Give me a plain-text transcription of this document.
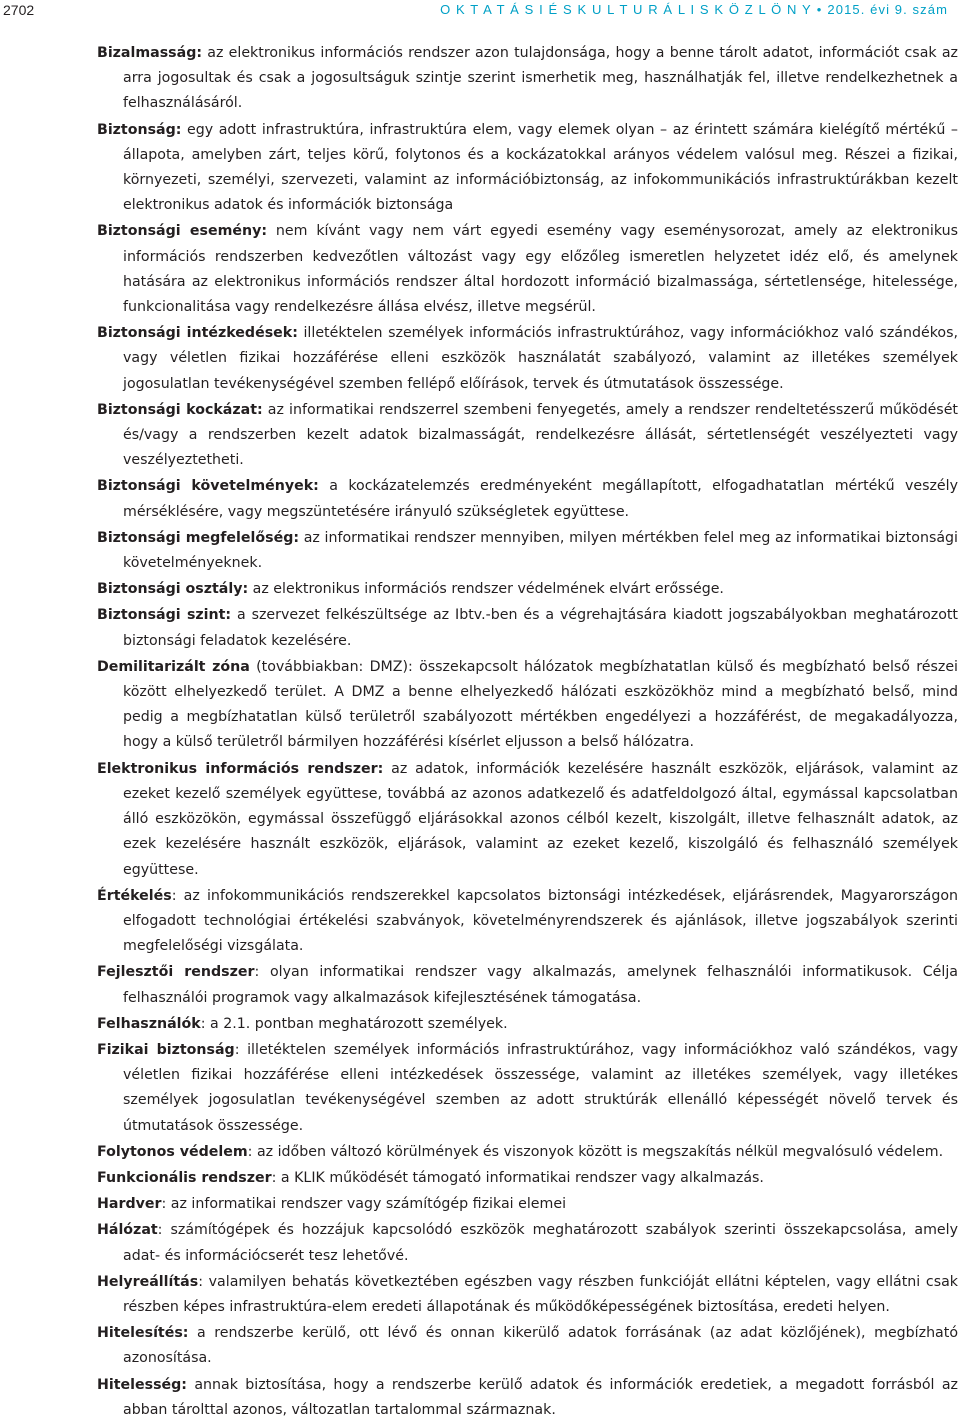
2702	O K T A T Á S I É S K U L T U R Á L I S K Ö Z L Ö N Y • 2015. évi 9. szám

Bizalmasság: az elektronikus információs rendszer azon tulajdonsága, hogy a benne tárolt adatot, információt csak az arra jogosultak és csak a jogosultságuk szintje szerint ismerhetik meg, használhatják fel, illetve rendelkezhetnek a felhasználásáról.

Biztonság: egy adott infrastruktúra, infrastruktúra elem, vagy elemek olyan – az érintett számára kielégítő mértékű – állapota, amelyben zárt, teljes körű, folytonos és a kockázatokkal arányos védelem valósul meg. Részei a fizikai, környezeti, személyi, szervezeti, valamint az információbiztonság, az infokommunikációs infrastruktúrákban kezelt elektronikus adatok és információk biztonsága

Biztonsági esemény: nem kívánt vagy nem várt egyedi esemény vagy eseménysorozat, amely az elektronikus információs rendszerben kedvezőtlen változást vagy egy előzőleg ismeretlen helyzetet idéz elő, és amelynek hatására az elektronikus információs rendszer által hordozott információ bizalmassága, sértetlensége, hitelessége, funkcionalitása vagy rendelkezésre állása elvész, illetve megsérül.

Biztonsági intézkedések: illetéktelen személyek információs infrastruktúrához, vagy információkhoz való szándékos, vagy véletlen fizikai hozzáférése elleni eszközök használatát szabályozó, valamint az illetékes személyek jogosulatlan tevékenységével szemben fellépő előírások, tervek és útmutatások összessége.

Biztonsági kockázat: az informatikai rendszerrel szembeni fenyegetés, amely a rendszer rendeltetésszerű működését és/vagy a rendszerben kezelt adatok bizalmasságát, rendelkezésre állását, sértetlenségét veszélyezteti vagy veszélyeztetheti.

Biztonsági követelmények: a kockázatelemzés eredményeként megállapított, elfogadhatatlan mértékű veszély mérséklésére, vagy megszüntetésére irányuló szükségletek együttese.

Biztonsági megfelelőség: az informatikai rendszer mennyiben, milyen mértékben felel meg az informatikai biztonsági követelményeknek.

Biztonsági osztály: az elektronikus információs rendszer védelmének elvárt erőssége.

Biztonsági szint: a szervezet felkészültsége az Ibtv.-ben és a végrehajtására kiadott jogszabályokban meghatározott biztonsági feladatok kezelésére.

Demilitarizált zóna (továbbiakban: DMZ): összekapcsolt hálózatok megbízhatatlan külső és megbízható belső részei között elhelyezkedő terület. A DMZ a benne elhelyezkedő hálózati eszközökhöz mind a megbízható belső, mind pedig a megbízhatatlan külső területről szabályozott mértékben engedélyezi a hozzáférést, de megakadályozza, hogy a külső területről bármilyen hozzáférési kísérlet eljusson a belső hálózatra.

Elektronikus információs rendszer: az adatok, információk kezelésére használt eszközök, eljárások, valamint az ezeket kezelő személyek együttese, továbbá az azonos adatkezelő és adatfeldolgozó által, egymással kapcsolatban álló eszközökön, egymással összefüggő eljárásokkal azonos célból kezelt, kiszolgált, illetve felhasznált adatok, az ezek kezelésére használt eszközök, eljárások, valamint az ezeket kezelő, kiszolgáló és felhasználó személyek együttese.

Értékelés: az infokommunikációs rendszerekkel kapcsolatos biztonsági intézkedések, eljárásrendek, Magyarországon elfogadott technológiai értékelési szabványok, követelményrendszerek és ajánlások, illetve jogszabályok szerinti megfelelőségi vizsgálata.

Fejlesztői rendszer: olyan informatikai rendszer vagy alkalmazás, amelynek felhasználói informatikusok. Célja felhasználói programok vagy alkalmazások kifejlesztésének támogatása.

Felhasználók: a 2.1. pontban meghatározott személyek.

Fizikai biztonság: illetéktelen személyek információs infrastruktúrához, vagy információkhoz való szándékos, vagy véletlen fizikai hozzáférése elleni intézkedések összessége, valamint az illetékes személyek, vagy illetékes személyek jogosulatlan tevékenységével szemben az adott struktúrák ellenálló képességét növelő tervek és útmutatások összessége.

Folytonos védelem: az időben változó körülmények és viszonyok között is megszakítás nélkül megvalósuló védelem.

Funkcionális rendszer: a KLIK működését támogató informatikai rendszer vagy alkalmazás.

Hardver: az informatikai rendszer vagy számítógép fizikai elemei

Hálózat: számítógépek és hozzájuk kapcsolódó eszközök meghatározott szabályok szerinti összekapcsolása, amely adat- és információcserét tesz lehetővé.

Helyreállítás: valamilyen behatás következtében egészben vagy részben funkcióját ellátni képtelen, vagy ellátni csak részben képes infrastruktúra-elem eredeti állapotának és működőképességének biztosítása, eredeti helyen.

Hitelesítés: a rendszerbe kerülő, ott lévő és onnan kikerülő adatok forrásának (az adat közlőjének), megbízható azonosítása.

Hitelesség: annak biztosítása, hogy a rendszerbe kerülő adatok és információk eredetiek, a megadott forrásból az abban tárolttal azonos, változatlan tartalommal származnak.
